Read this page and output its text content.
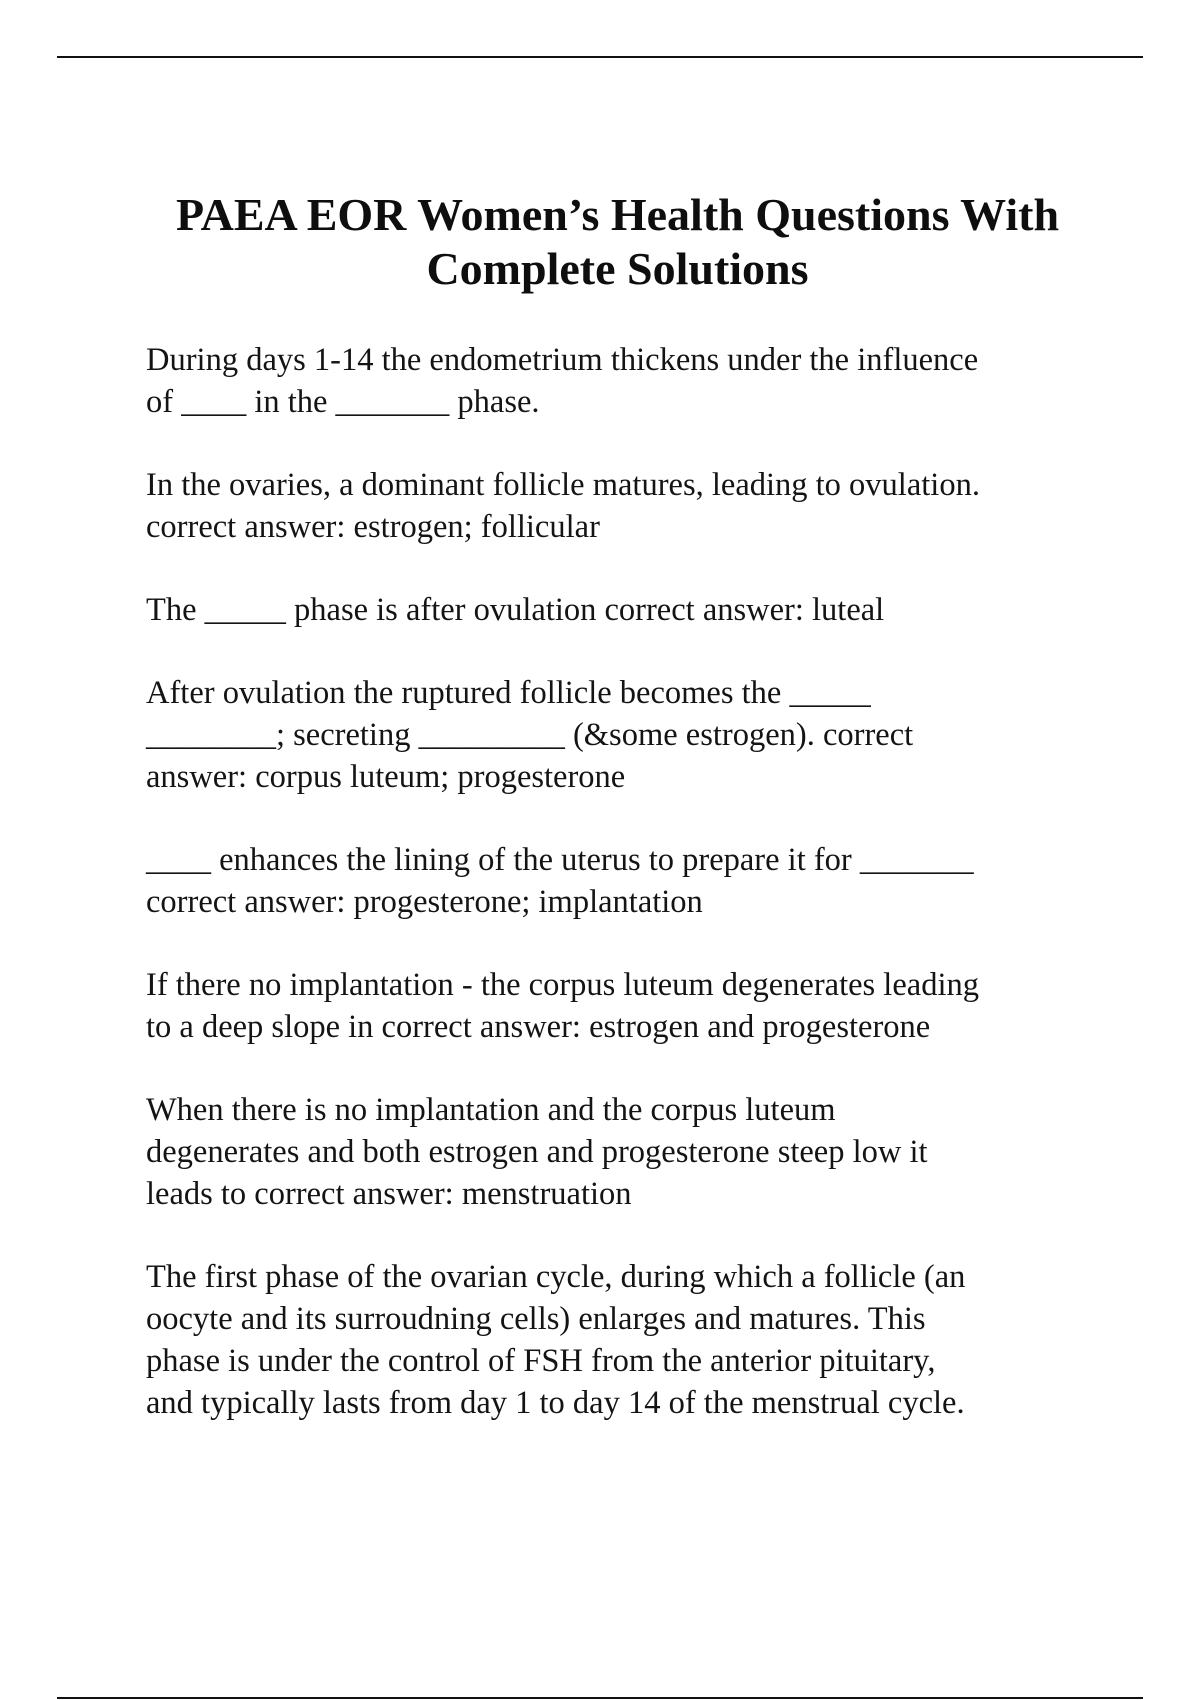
PAEA EOR Women’s Health Questions With
Complete Solutions

During days 1-14 the endometrium thickens under the influence
of ____ in the _______ phase.

In the ovaries, a dominant follicle matures, leading to ovulation.
correct answer: estrogen; follicular

The _____ phase is after ovulation correct answer: luteal

After ovulation the ruptured follicle becomes the _____
________; secreting _________ (&some estrogen). correct
answer: corpus luteum; progesterone

____ enhances the lining of the uterus to prepare it for _______
correct answer: progesterone; implantation

If there no implantation - the corpus luteum degenerates leading
to a deep slope in correct answer: estrogen and progesterone

When there is no implantation and the corpus luteum
degenerates and both estrogen and progesterone steep low it
leads to correct answer: menstruation

The first phase of the ovarian cycle, during which a follicle (an
oocyte and its surroudning cells) enlarges and matures. This
phase is under the control of FSH from the anterior pituitary,
and typically lasts from day 1 to day 14 of the menstrual cycle.
